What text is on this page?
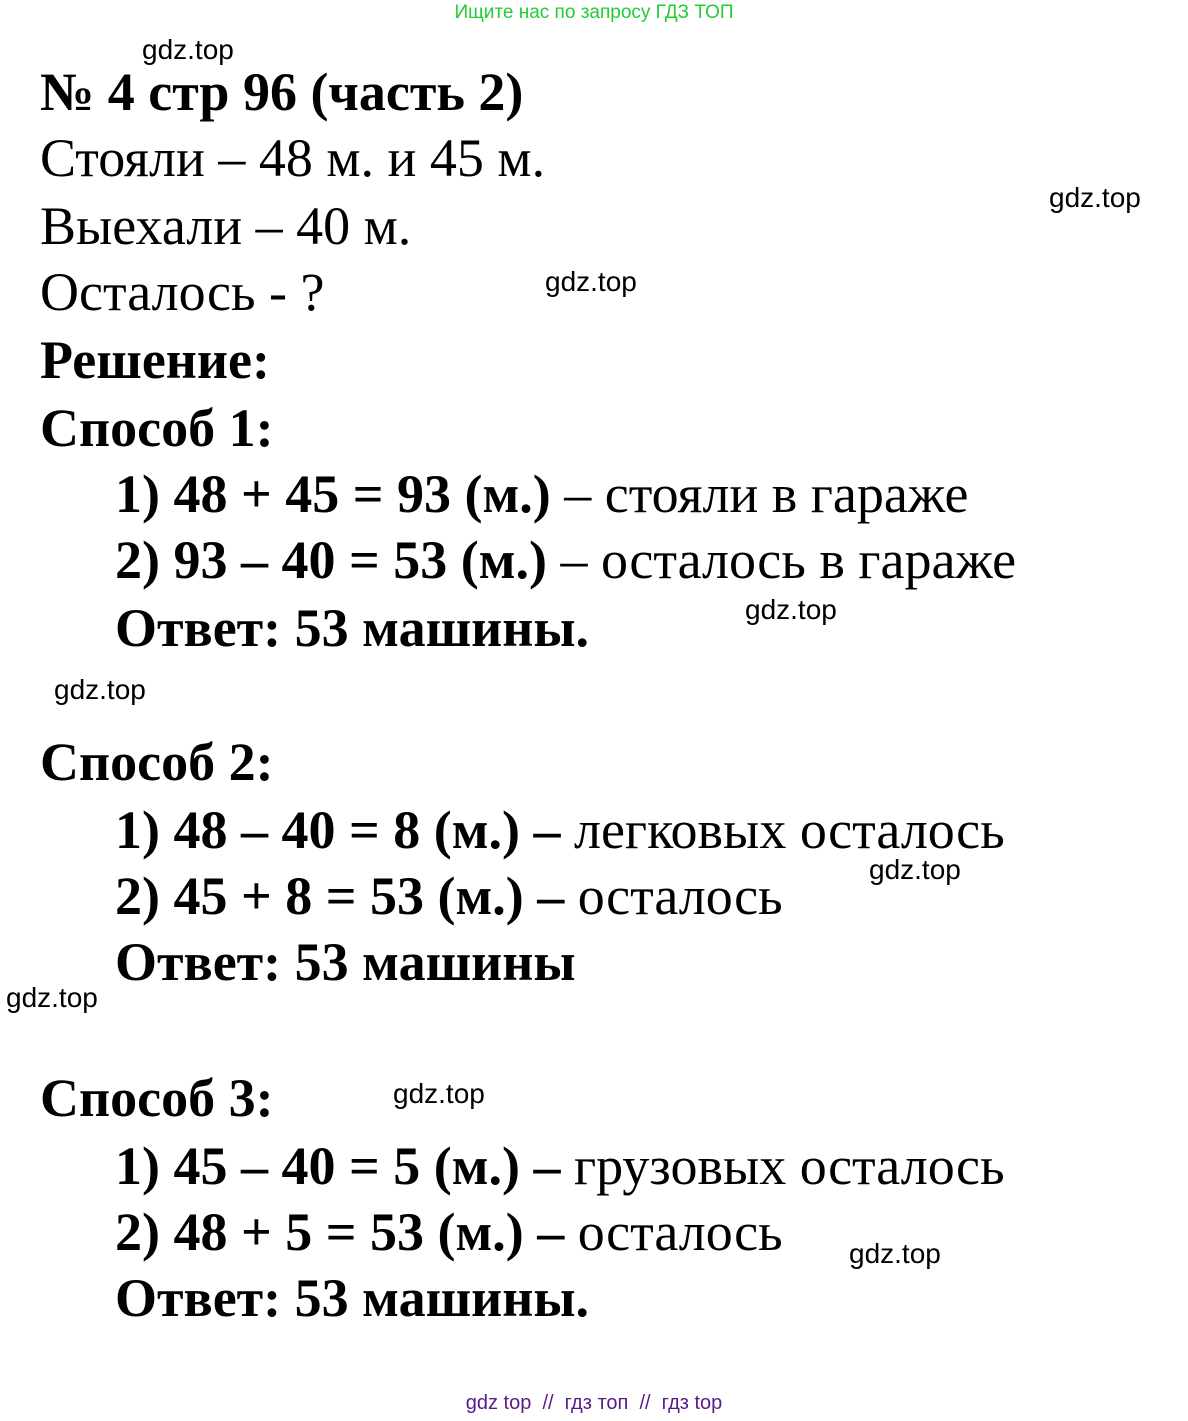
Ищите нас по запросу ГДЗ ТОП
№ 4 стр 96 (часть 2)
Стояли – 48 м. и 45 м.
Выехали – 40 м.
Осталось - ?
Решение:
Способ 1:
1) 48 + 45 = 93 (м.) – стояли в гараже
2) 93 – 40 = 53 (м.) – осталось в гараже
Ответ: 53 машины.
Способ 2:
1) 48 – 40 = 8 (м.) – легковых осталось
2) 45 + 8 = 53 (м.) – осталось
Ответ: 53 машины
Способ 3:
1) 45 – 40 = 5 (м.) – грузовых осталось
2) 48 + 5 = 53 (м.) – осталось
Ответ: 53 машины.
gdz.top
gdz.top
gdz.top
gdz.top
gdz.top
gdz.top
gdz.top
gdz.top
gdz.top
gdz top  //  гдз топ  //  гдз top
